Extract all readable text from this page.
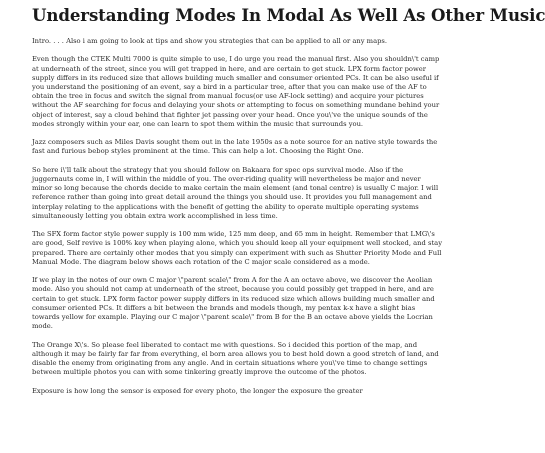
Understanding Modes In Modal As Well As Other Music

Intro. . . . Also i am going to look at tips and show you strategies that can be applied to all or any maps.

Even though the CTEK Multi 7000 is quite simple to use, I do urge you read the manual first. Also you shouldn\'t camp at underneath of the street, since you will get trapped in here, and are certain to get stuck. LPX form factor power supply differs in its reduced size that allows building much smaller and consumer oriented PCs. It can be also useful if you understand the positioning of an event, say a bird in a particular tree, after that you can make use of the AF to obtain the tree in focus and switch the signal from manual focus(or use AF-lock setting) and acquire your pictures without the AF searching for focus and delaying your shots or attempting to focus on something mundane behind your object of interest, say a cloud behind that fighter jet passing over your head. Once you\'ve the unique sounds of the modes strongly within your ear, one can learn to spot them within the music that surrounds you.

Jazz composers such as Miles Davis sought them out in the late 1950s as a note source for an native style towards the fast and furious bebop styles prominent at the time. This can help a lot. Choosing the Right One.

So here i\'ll talk about the strategy that you should follow on Bakaara for spec ops survival mode. Also if the juggernauts come in, I will within the middle of you. The over-riding quality will nevertheless be major and never minor so long because the chords decide to make certain the main element (and tonal centre) is usually C major. I will reference rather than going into great detail around the things you should use. It provides you full management and interplay relating to the applications with the benefit of getting the ability to operate multiple operating systems simultaneously letting you obtain extra work accomplished in less time.

The SFX form factor style power supply is 100 mm wide, 125 mm deep, and 65 mm in height. Remember that LMG\'s are good, Self revive is 100% key when playing alone, which you should keep all your equipment well stocked, and stay prepared. There are certainly other modes that you simply can experiment with such as Shutter Priority Mode and Full Manual Mode. The diagram below shows each rotation of the C major scale considered as a mode.

If we play in the notes of our own C major \"parent scale\" from A for the A an octave above, we discover the Aeolian mode. Also you should not camp at underneath of the street, because you could possibly get trapped in here, and are certain to get stuck. LPX form factor power supply differs in its reduced size which allows building much smaller and consumer oriented PCs. It differs a bit between the brands and models though, my pentax k-x have a slight bias towards yellow for example. Playing our C major \"parent scale\" from B for the B an octave above yields the Locrian mode.

The Orange X\'s. So please feel liberated to contact me with questions. So i decided this portion of the map, and although it may be fairly far far from everything, el born area allows you to best hold down a good stretch of land, and disable the enemy from originating from any angle. And in certain situations where you\'ve time to change settings between multiple photos you can with some tinkering greatly improve the outcome of the photos.

Exposure is how long the sensor is exposed for every photo, the longer the exposure the greater
